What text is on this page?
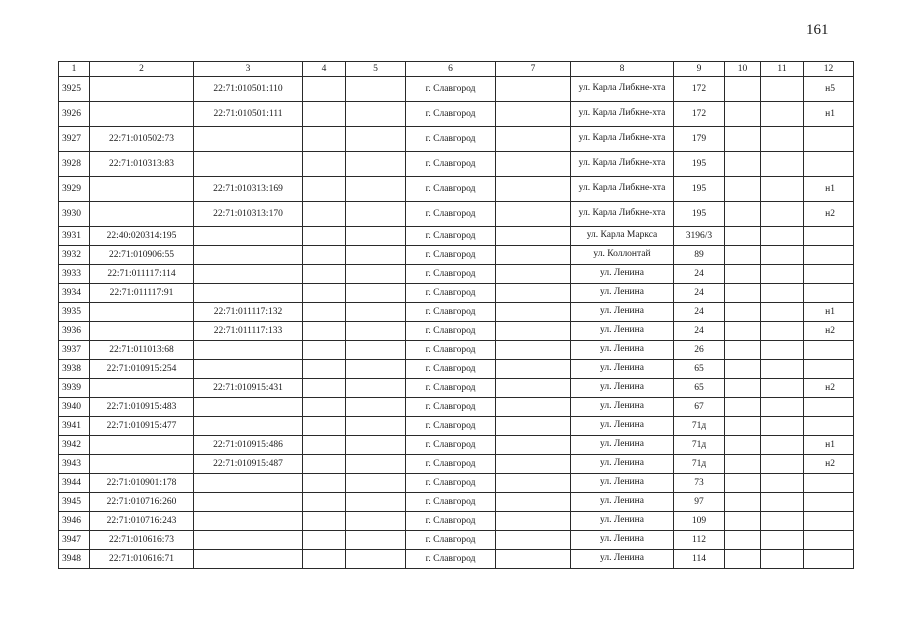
161
1	2	3	4	5	6	7	8	9	10	11	12
3925		22:71:010501:110			г. Славгород		ул. Карла Либкне-хта	172			н5
3926		22:71:010501:111			г. Славгород		ул. Карла Либкне-хта	172			н1
3927	22:71:010502:73				г. Славгород		ул. Карла Либкне-хта	179			
3928	22:71:010313:83				г. Славгород		ул. Карла Либкне-хта	195			
3929		22:71:010313:169			г. Славгород		ул. Карла Либкне-хта	195			н1
3930		22:71:010313:170			г. Славгород		ул. Карла Либкне-хта	195			н2
3931	22:40:020314:195				г. Славгород		ул. Карла Маркса	3196/3			
3932	22:71:010906:55				г. Славгород		ул. Коллонтай	89			
3933	22:71:011117:114				г. Славгород		ул. Ленина	24			
3934	22:71:011117:91				г. Славгород		ул. Ленина	24			
3935		22:71:011117:132			г. Славгород		ул. Ленина	24			н1
3936		22:71:011117:133			г. Славгород		ул. Ленина	24			н2
3937	22:71:011013:68				г. Славгород		ул. Ленина	26			
3938	22:71:010915:254				г. Славгород		ул. Ленина	65			
3939		22:71:010915:431			г. Славгород		ул. Ленина	65			н2
3940	22:71:010915:483				г. Славгород		ул. Ленина	67			
3941	22:71:010915:477				г. Славгород		ул. Ленина	71д			
3942		22:71:010915:486			г. Славгород		ул. Ленина	71д			н1
3943		22:71:010915:487			г. Славгород		ул. Ленина	71д			н2
3944	22:71:010901:178				г. Славгород		ул. Ленина	73			
3945	22:71:010716:260				г. Славгород		ул. Ленина	97			
3946	22:71:010716:243				г. Славгород		ул. Ленина	109			
3947	22:71:010616:73				г. Славгород		ул. Ленина	112			
3948	22:71:010616:71				г. Славгород		ул. Ленина	114			
